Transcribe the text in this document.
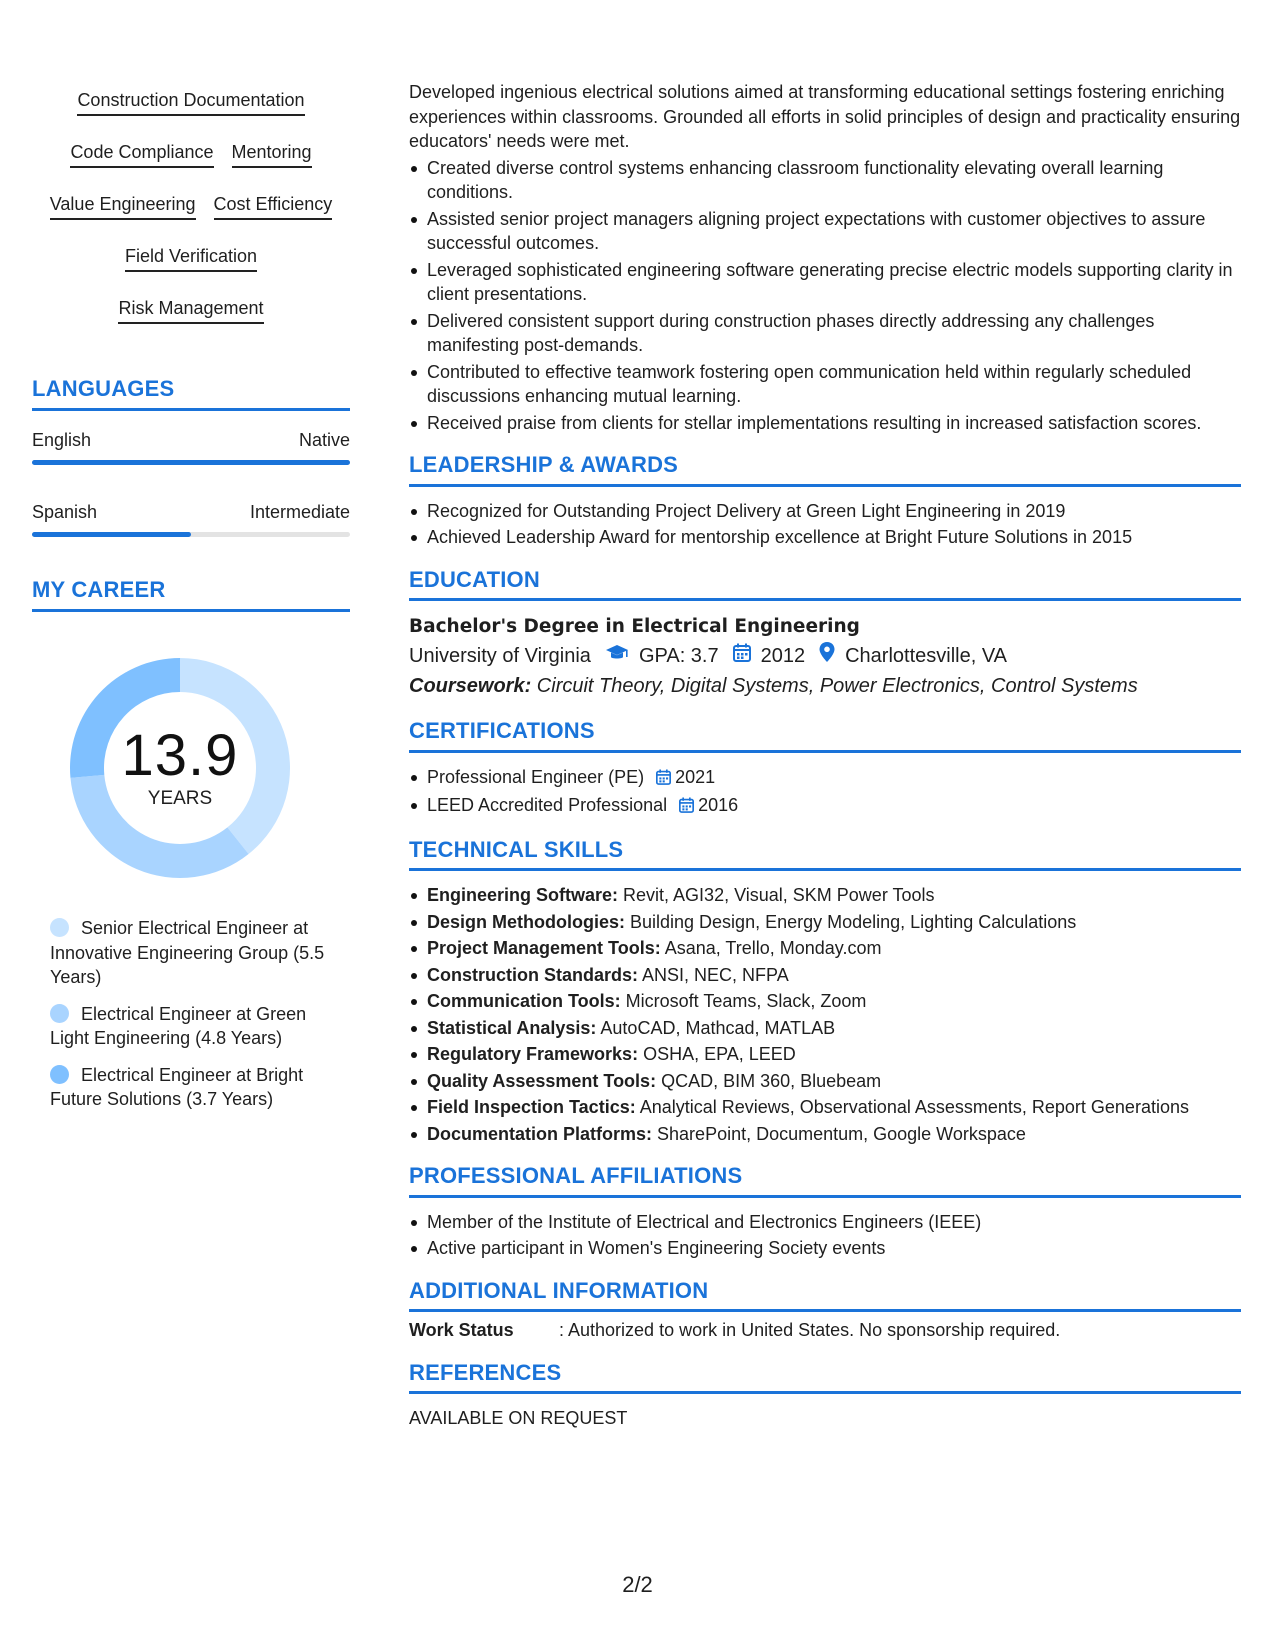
Construction Documentation
Code Compliance Mentoring
Value Engineering Cost Efficiency
Field Verification
Risk Management
LANGUAGES
English	Native
Spanish	Intermediate
MY CAREER
13.9
YEARS
Senior Electrical Engineer at Innovative Engineering Group (5.5 Years)
Electrical Engineer at Green Light Engineering (4.8 Years)
Electrical Engineer at Bright Future Solutions (3.7 Years)

Developed ingenious electrical solutions aimed at transforming educational settings fostering enriching experiences within classrooms. Grounded all efforts in solid principles of design and practicality ensuring educators' needs were met.

Created diverse control systems enhancing classroom functionality elevating overall learning conditions.
Assisted senior project managers aligning project expectations with customer objectives to assure successful outcomes.
Leveraged sophisticated engineering software generating precise electric models supporting clarity in client presentations.
Delivered consistent support during construction phases directly addressing any challenges manifesting post-demands.
Contributed to effective teamwork fostering open communication held within regularly scheduled discussions enhancing mutual learning.
Received praise from clients for stellar implementations resulting in increased satisfaction scores.
LEADERSHIP & AWARDS
Recognized for Outstanding Project Delivery at Green Light Engineering in 2019
Achieved Leadership Award for mentorship excellence at Bright Future Solutions in 2015
EDUCATION
Bachelor's Degree in Electrical Engineering
University of Virginia GPA: 3.7 2012 Charlottesville, VA
Coursework: Circuit Theory, Digital Systems, Power Electronics, Control Systems
CERTIFICATIONS
Professional Engineer (PE) 2021
LEED Accredited Professional 2016
TECHNICAL SKILLS
Engineering Software: Revit, AGI32, Visual, SKM Power Tools
Design Methodologies: Building Design, Energy Modeling, Lighting Calculations
Project Management Tools: Asana, Trello, Monday.com
Construction Standards: ANSI, NEC, NFPA
Communication Tools: Microsoft Teams, Slack, Zoom
Statistical Analysis: AutoCAD, Mathcad, MATLAB
Regulatory Frameworks: OSHA, EPA, LEED
Quality Assessment Tools: QCAD, BIM 360, Bluebeam
Field Inspection Tactics: Analytical Reviews, Observational Assessments, Report Generations
Documentation Platforms: SharePoint, Documentum, Google Workspace
PROFESSIONAL AFFILIATIONS
Member of the Institute of Electrical and Electronics Engineers (IEEE)
Active participant in Women's Engineering Society events
ADDITIONAL INFORMATION
Work Status	: Authorized to work in United States. No sponsorship required.
REFERENCES
AVAILABLE ON REQUEST
2/2
